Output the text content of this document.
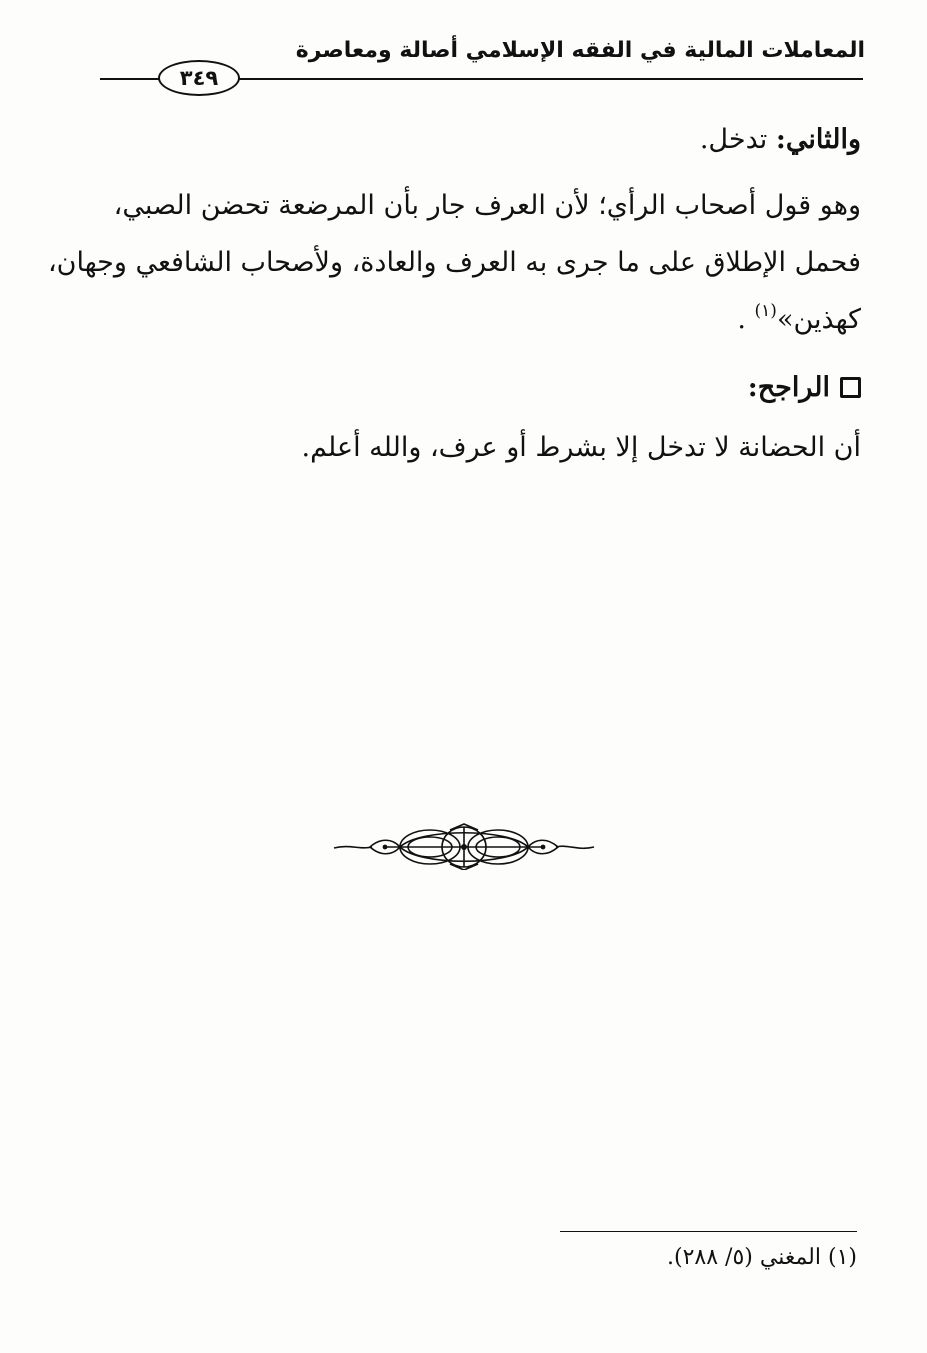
المعاملات المالية في الفقه الإسلامي أصالة ومعاصرة
٣٤٩
والثاني: تدخل.
وهو قول أصحاب الرأي؛ لأن العرف جار بأن المرضعة تحضن الصبي،
فحمل الإطلاق على ما جرى به العرف والعادة، ولأصحاب الشافعي وجهان،
كهذين»$^{(١)}$ .
الراجح:
أن الحضانة لا تدخل إلا بشرط أو عرف، والله أعلم.
(١) المغني (٥/ ٢٨٨).
